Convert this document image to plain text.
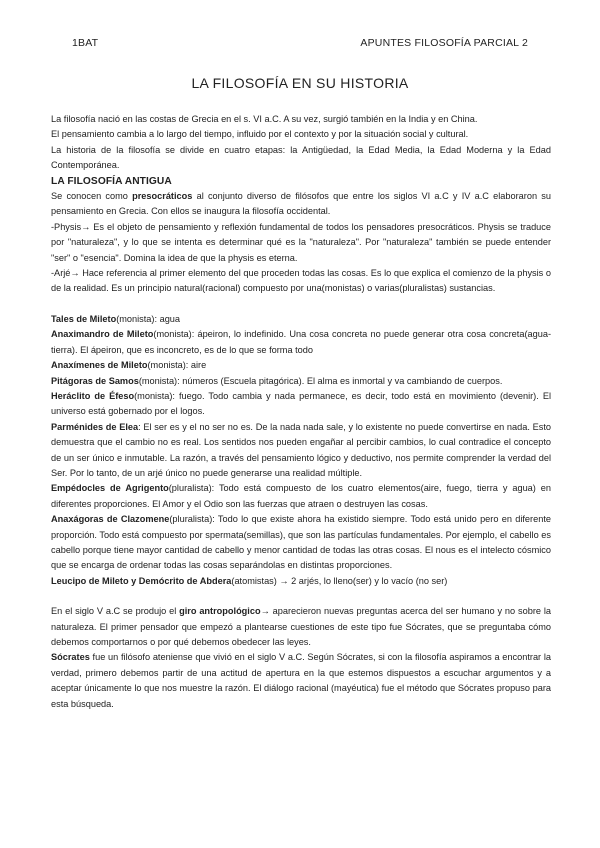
1BAT	APUNTES FILOSOFÍA PARCIAL 2
LA FILOSOFÍA EN SU HISTORIA

La filosofía nació en las costas de Grecia en el s. VI a.C. A su vez, surgió también en la India y en China.

El pensamiento cambia a lo largo del tiempo, influido por el contexto y por la situación social y cultural.

La historia de la filosofía se divide en cuatro etapas: la Antigüedad, la Edad Media, la Edad Moderna y la Edad Contemporánea.

LA FILOSOFÍA ANTIGUA

Se conocen como presocráticos al conjunto diverso de filósofos que entre los siglos VI a.C y IV a.C elaboraron su pensamiento en Grecia. Con ellos se inaugura la filosofía occidental.

-Physis→ Es el objeto de pensamiento y reflexión fundamental de todos los pensadores presocráticos. Physis se traduce por "naturaleza", y lo que se intenta es determinar qué es la "naturaleza". Por "naturaleza" también se puede entender "ser" o "esencia". Domina la idea de que la physis es eterna.

-Arjé→ Hace referencia al primer elemento del que proceden todas las cosas. Es lo que explica el comienzo de la physis o de la realidad. Es un principio natural(racional) compuesto por una(monistas) o varias(pluralistas) sustancias.

Tales de Mileto(monista): agua

Anaximandro de Mileto(monista): ápeiron, lo indefinido. Una cosa concreta no puede generar otra cosa concreta(agua-tierra). El ápeiron, que es inconcreto, es de lo que se forma todo

Anaxímenes de Mileto(monista): aire

Pitágoras de Samos(monista): números (Escuela pitagórica). El alma es inmortal y va cambiando de cuerpos.

Heráclito de Éfeso(monista): fuego. Todo cambia y nada permanece, es decir, todo está en movimiento (devenir). El universo está gobernado por el logos.

Parménides de Elea: El ser es y el no ser no es. De la nada nada sale, y lo existente no puede convertirse en nada. Esto demuestra que el cambio no es real. Los sentidos nos pueden engañar al percibir cambios, lo cual contradice el concepto de un ser único e inmutable. La razón, a través del pensamiento lógico y deductivo, nos permite comprender la verdad del Ser. Por lo tanto, de un arjé único no puede generarse una realidad múltiple.

Empédocles de Agrigento(pluralista): Todo está compuesto de los cuatro elementos(aire, fuego, tierra y agua) en diferentes proporciones. El Amor y el Odio son las fuerzas que atraen o destruyen las cosas.

Anaxágoras de Clazomene(pluralista): Todo lo que existe ahora ha existido siempre. Todo está unido pero en diferente proporción. Todo está compuesto por spermata(semillas), que son las partículas fundamentales. Por ejemplo, el cabello es cabello porque tiene mayor cantidad de cabello y menor cantidad de todas las otras cosas. El nous es el intelecto cósmico que se encarga de ordenar todas las cosas separándolas en distintas proporciones.

Leucipo de Mileto y Demócrito de Abdera(atomistas) → 2 arjés, lo lleno(ser) y lo vacío (no ser)

En el siglo V a.C se produjo el giro antropológico→ aparecieron nuevas preguntas acerca del ser humano y no sobre la naturaleza. El primer pensador que empezó a plantearse cuestiones de este tipo fue Sócrates, que se preguntaba cómo debemos comportarnos o por qué debemos obedecer las leyes.

Sócrates fue un filósofo ateniense que vivió en el siglo V a.C. Según Sócrates, si con la filosofía aspiramos a encontrar la verdad, primero debemos partir de una actitud de apertura en la que estemos dispuestos a escuchar argumentos y a aceptar únicamente lo que nos muestre la razón. El diálogo racional (mayéutica) fue el método que Sócrates propuso para esta búsqueda.
